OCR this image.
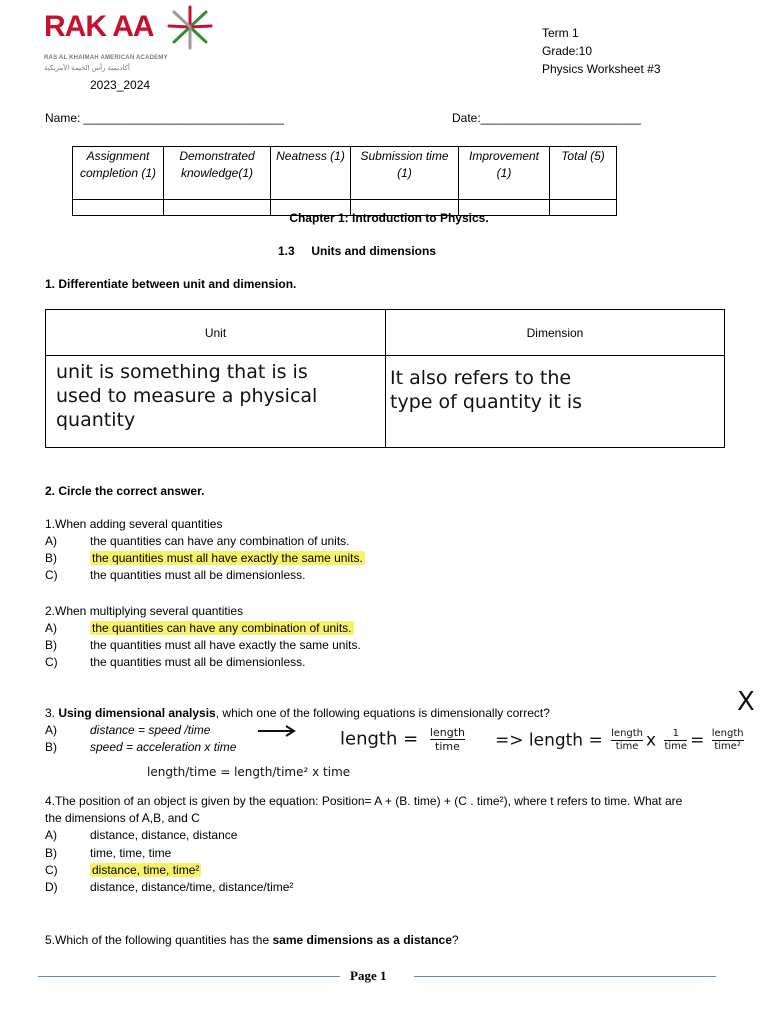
RAK AA
RAS AL KHAIMAH AMERICAN ACADEMY
أكاديمية رأس الخيمة الأمريكية
2023_2024
Term 1
Grade:10
Physics Worksheet #3
Name: ______________________________	Date:________________________
Assignment completion (1)	Demonstrated knowledge(1)	Neatness (1)	Submission time (1)	Improvement (1)	Total (5)

Chapter 1: Introduction to Physics.
1.3     Units and dimensions
1. Differentiate between unit and dimension.
Unit	Dimension

unit is something that is is
used to measure a physical
quantity
It also refers to the
type of quantity it is
2. Circle the correct answer.
1.When adding several quantities
A)	the quantities can have any combination of units.
B)	the quantities must all have exactly the same units.
C)	the quantities must all be dimensionless.
2.When multiplying several quantities
A)	the quantities can have any combination of units.
B)	the quantities must all have exactly the same units.
C)	the quantities must all be dimensionless.
3. Using dimensional analysis, which one of the following equations is dimensionally correct?
A)	distance = speed /time
B)	speed = acceleration x time
X
length = length
time	=> length = length
time x	1
time = length
time²
length/time = length/time² x time
4.The position of an object is given by the equation: Position= A + (B. time) + (C . time²), where t refers to time. What are
the dimensions of A,B, and C
A)	distance, distance, distance
B)	time, time, time
C)	distance, time, time²
D)	distance, distance/time, distance/time²
5.Which of the following quantities has the same dimensions as a distance?
Page 1
